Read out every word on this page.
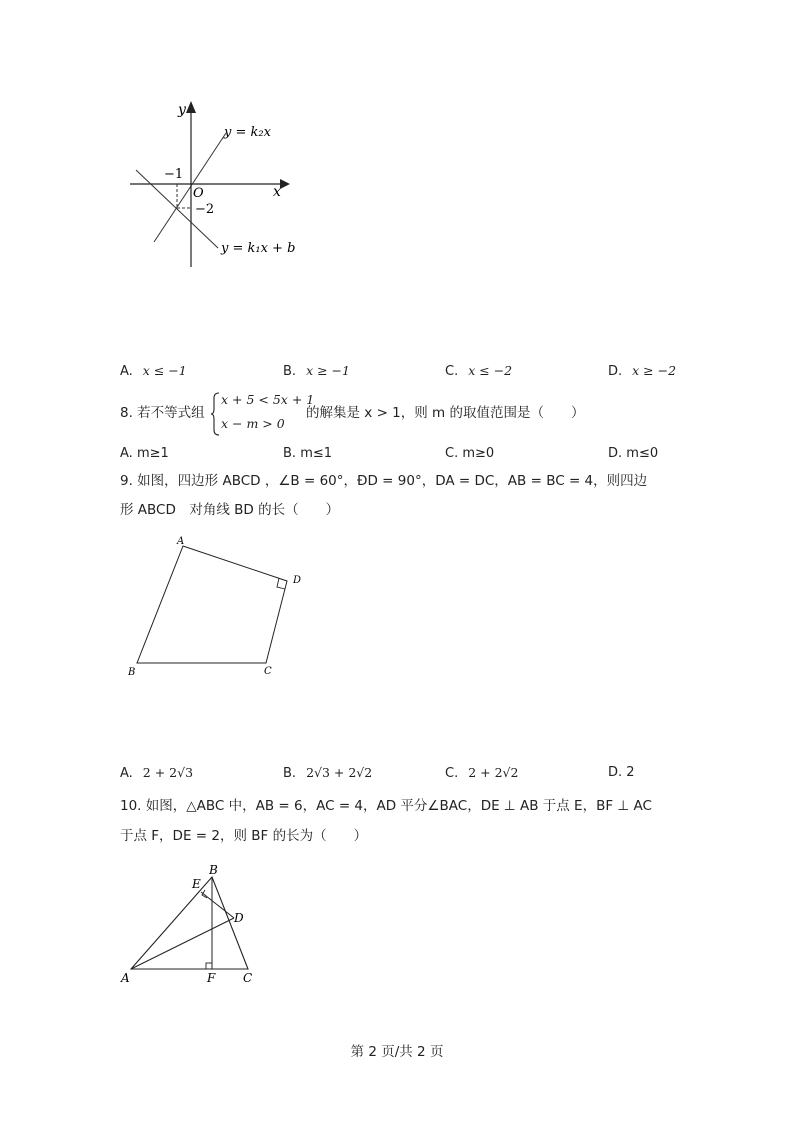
y
x
O
−1
−2
y = k₂x
y = k₁x + b
A. x ≤ −1	B. x ≥ −1	C. x ≤ −2	D. x ≥ −2
8. 若不等式组
x + 5 < 5x + 1
x − m > 0
的解集是 x > 1，则 m 的取值范围是（　　）
A. m≥1	B. m≤1	C. m≥0	D. m≤0
9. 如图，四边形 ABCD ，∠B = 60°，ÐD = 90°，DA = DC，AB = BC = 4，则四边
形 ABCD　对角线 BD 的长（　　）
A
D
B	C
A. 2 + 2√3	B. 2√3 + 2√2	C. 2 + 2√2	D. 2
10. 如图，△ABC 中，AB = 6，AC = 4，AD 平分∠BAC，DE ⊥ AB 于点 E，BF ⊥ AC
于点 F，DE = 2，则 BF 的长为（　　）
B
E
D
A	F C
第 2 页/共 2 页
